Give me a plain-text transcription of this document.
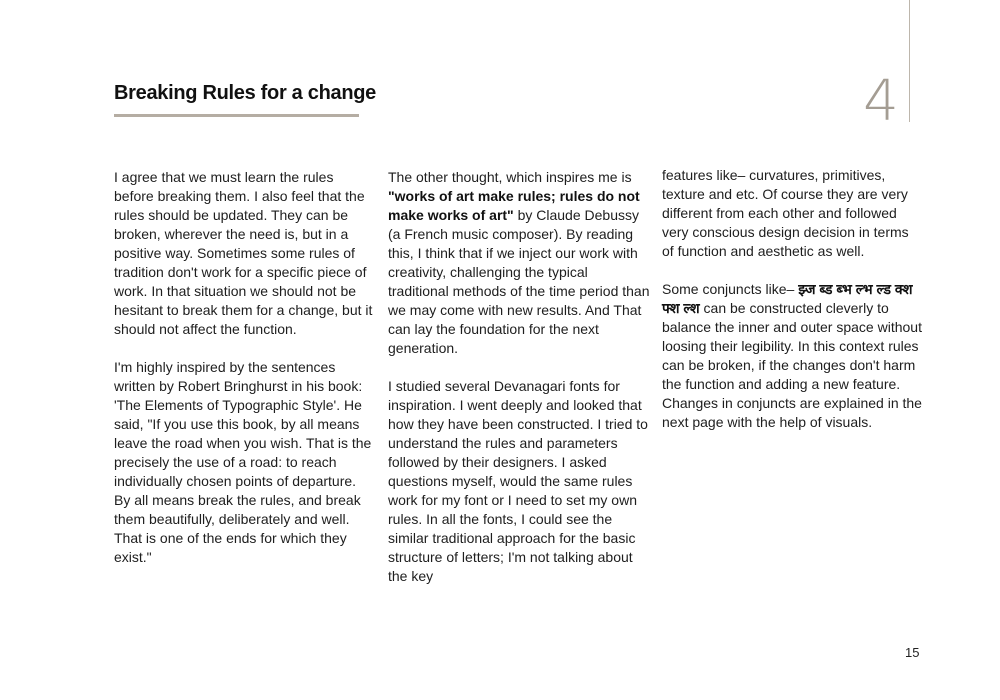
4
Breaking Rules for a change

I agree that we must learn the rules before breaking them. I also feel that the rules should be updated. They can be broken, wherever the need is, but in a positive way. Sometimes some rules of tradition don't work for a specific piece of work. In that situation we should not be hesitant to break them for a change, but it should not affect the function.

I'm highly inspired by the sentences written by Robert Bringhurst in his book: 'The Elements of Typographic Style'. He said, "If you use this book, by all means leave the road when you wish. That is the precisely the use of a road: to reach individually chosen points of departure. By all means break the rules, and break them beautifully, deliberately and well. That is one of the ends for which they exist."

The other thought, which inspires me is "works of art make rules; rules do not make works of art" by Claude Debussy (a French music composer). By reading this, I think that if we inject our work with creativity, challenging the typical traditional methods of the time period than we may come with new results. And That can lay the foundation for the next generation.

I studied several Devanagari fonts for inspiration. I went deeply and looked that how they have been constructed. I tried to understand the rules and parameters followed by their designers. I asked questions myself, would the same rules work for my font or I need to set my own rules. In all the fonts, I could see the similar traditional approach for the basic structure of letters; I'm not talking about the key

features like– curvatures, primitives, texture and etc. Of course they are very different from each other and followed very conscious design decision in terms of function and aesthetic as well.

Some conjuncts like– झ्ज ब्ड ब्भ ल्भ ल्ड क्श फ्श ल्श can be constructed cleverly to balance the inner and outer space without loosing their legibility. In this context rules can be broken, if the changes don't harm the function and adding a new feature. Changes in conjuncts are explained in the next page with the help of visuals.

15
